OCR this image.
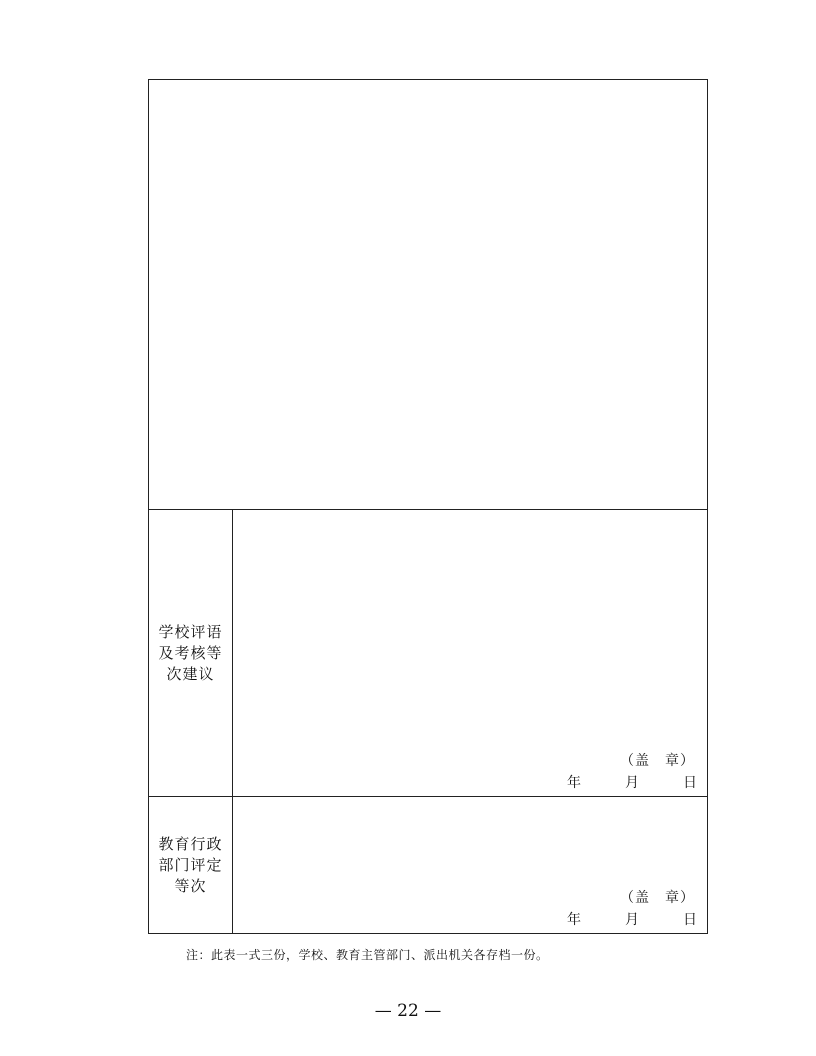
学校评语及考核等次建议
（盖　章）
年	月	日
教育行政部门评定等次
（盖　章）
年	月	日
注：此表一式三份，学校、教育主管部门、派出机关各存档一份。
— 22 —
